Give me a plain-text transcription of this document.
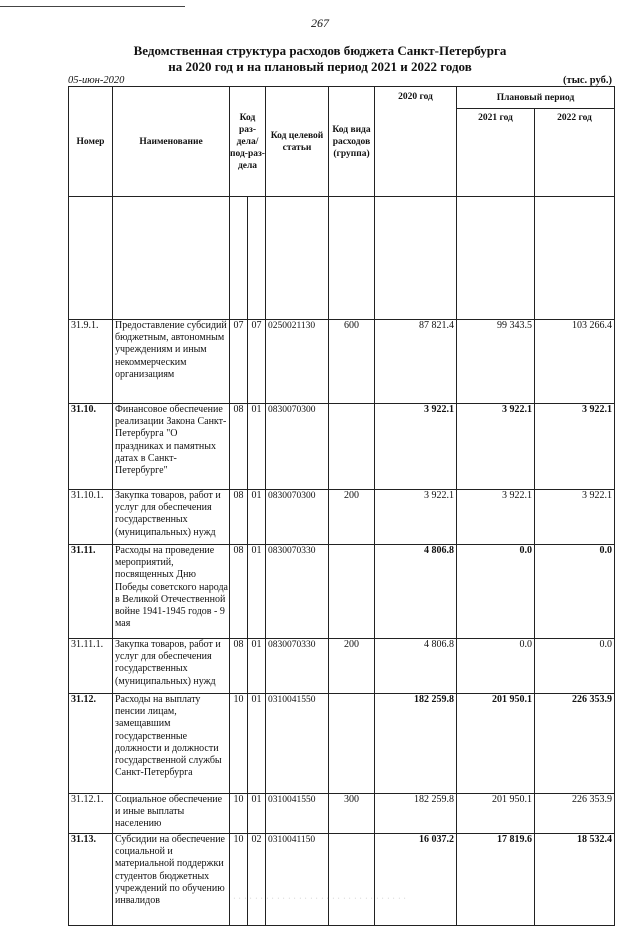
267
Ведомственная структура расходов бюджета Санкт-Петербурга
на 2020 год и на плановый период 2021 и 2022 годов
05-июн-2020	(тыс. руб.)
Номер	Наименование	Код раз-дела/ под-раз-дела		Код целевой статьи	Код вида расходов (группа)	2020 год	Плановый период	
							2021 год	2022 год

31.9.1.	Предоставление субсидий бюджетным, автономным учреждениям и иным некоммерческим организациям	07	07	0250021130	600	87 821.4	99 343.5	103 266.4
31.10.	Финансовое обеспечение реализации Закона Санкт-Петербурга "О праздниках и памятных датах в Санкт-Петербурге"	08	01	0830070300		3 922.1	3 922.1	3 922.1
31.10.1.	Закупка товаров, работ и услуг для обеспечения государственных (муниципальных) нужд	08	01	0830070300	200	3 922.1	3 922.1	3 922.1
31.11.	Расходы на проведение мероприятий, посвященных Дню Победы советского народа в Великой Отечественной войне 1941-1945 годов - 9 мая	08	01	0830070330		4 806.8	0.0	0.0
31.11.1.	Закупка товаров, работ и услуг для обеспечения государственных (муниципальных) нужд	08	01	0830070330	200	4 806.8	0.0	0.0
31.12.	Расходы на выплату пенсии лицам, замещавшим государственные должности и должности государственной службы Санкт-Петербурга	10	01	0310041550		182 259.8	201 950.1	226 353.9
31.12.1.	Социальное обеспечение и иные выплаты населению	10	01	0310041550	300	182 259.8	201 950.1	226 353.9
31.13.	Субсидии на обеспечение социальной и материальной поддержки студентов бюджетных учреждений по обучению инвалидов	10	02	0310041150		16 037.2	17 819.6	18 532.4
· · · · · · · · · · · · · · · · · · · · · · · · · · · · · · · ·
